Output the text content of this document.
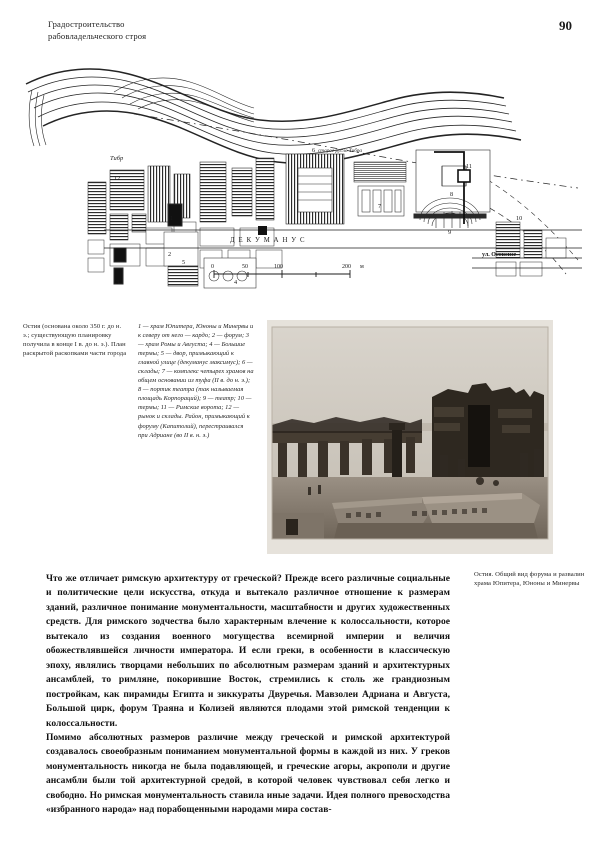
Градостроительство
рабовладельческого строя
90
Тибр
старое русло Тибра
Д Е К У М А Н У С
ул. Остиензе
1
2
3	4
5
6
7
8
9
10
11
12
0	50	100	200 м
Остия (основана около 350 г. до н. э.; существующую планировку получила в конце I в. до н. э.). План раскрытой раскопками части города
1 — храм Юпитера, Юноны и Минервы и к северу от него — кардо; 2 — форум; 3 — храм Ромы и Августа; 4 — Большие термы; 5 — двор, примыкающий к главной улице (декуманус максимус); 6 — склады; 7 — комплекс четырех храмов на общем основании из туфа (II в. до н. э.); 8 — портик театра (так называемая площадь Корпораций); 9 — театр; 10 — термы; 11 — Римские ворота; 12 — рынок и склады. Район, примыкающий к форуму (Капитолий), перестраивался при Адриане (во II в. н. э.)
Остия. Общий вид форума и развалин храма Юпитера, Юноны и Минервы

Что же отличает римскую архитектуру от греческой? Прежде всего различные социальные и политические цели искусства, откуда и вытекало различное отношение к размерам зданий, различное понимание монументальности, масштабности и других художественных средств. Для римского зодчества было характерным влечение к колоссальности, которое вытекало из создания военного могущества всемирной империи и величия обожествлявшейся личности императора. И если греки, в особенности в классическую эпоху, являлись творцами небольших по абсолютным размерам зданий и архитектурных ансамблей, то римляне, покорившие Восток, стремились к столь же грандиозным постройкам, как пирамиды Египта и зиккураты Двуречья. Мавзолеи Адриана и Августа, Большой цирк, форум Траяна и Колизей являются плодами этой римской тенденции к колоссальности.

Помимо абсолютных размеров различие между греческой и римской архитектурой создавалось своеобразным пониманием монументальной формы в каждой из них. У греков монументальность никогда не была подавляющей, и греческие агоры, акрополи и другие ансамбли были той архитектурной средой, в которой человек чувствовал себя легко и свободно. Но римская монументальность ставила иные задачи. Идея полного превосходства «избранного народа» над порабощенными народами мира состав-
